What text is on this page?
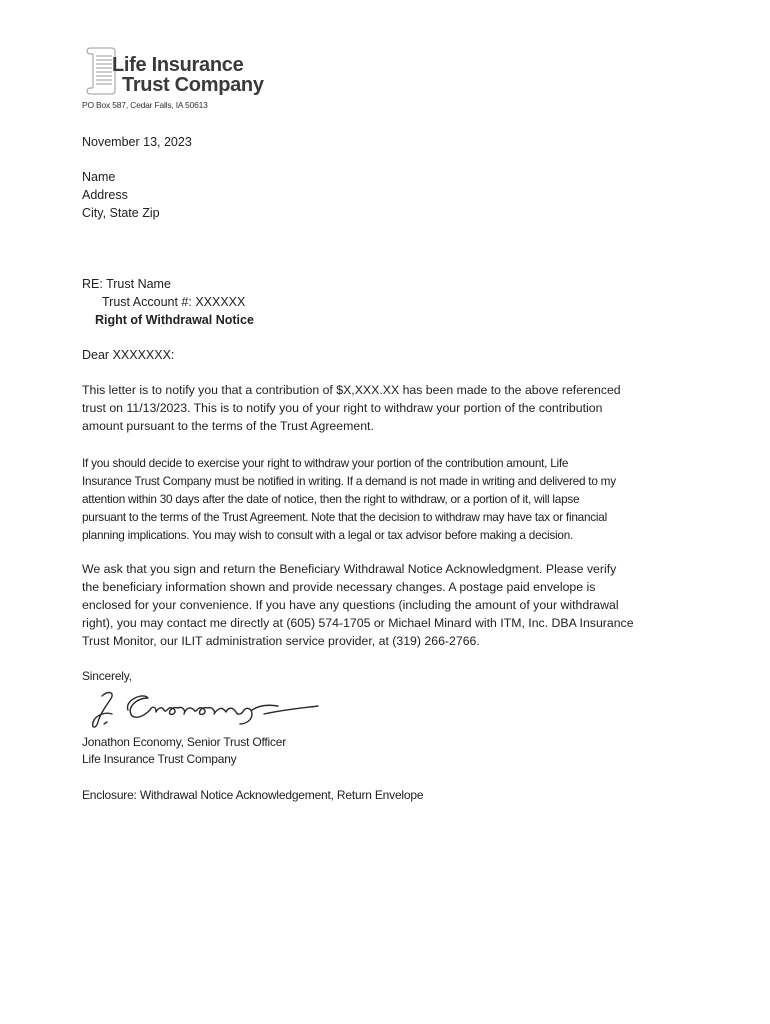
Life Insurance
Trust Company
PO Box 587, Cedar Falls, IA 50613
November 13, 2023
Name
Address
City, State Zip
RE: Trust Name
Trust Account #: XXXXXX
Right of Withdrawal Notice
Dear XXXXXXX:
This letter is to notify you that a contribution of $X,XXX.XX has been made to the above referenced
trust on 11/13/2023. This is to notify you of your right to withdraw your portion of the contribution
amount pursuant to the terms of the Trust Agreement.
If you should decide to exercise your right to withdraw your portion of the contribution amount, Life
Insurance Trust Company must be notified in writing. If a demand is not made in writing and delivered to my
attention within 30 days after the date of notice, then the right to withdraw, or a portion of it, will lapse
pursuant to the terms of the Trust Agreement. Note that the decision to withdraw may have tax or financial
planning implications. You may wish to consult with a legal or tax advisor before making a decision.
We ask that you sign and return the Beneficiary Withdrawal Notice Acknowledgment. Please verify
the beneficiary information shown and provide necessary changes. A postage paid envelope is
enclosed for your convenience. If you have any questions (including the amount of your withdrawal
right), you may contact me directly at (605) 574-1705 or Michael Minard with ITM, Inc. DBA Insurance
Trust Monitor, our ILIT administration service provider, at (319) 266-2766.
Sincerely,
Jonathon Economy, Senior Trust Officer
Life Insurance Trust Company
Enclosure: Withdrawal Notice Acknowledgement, Return Envelope
